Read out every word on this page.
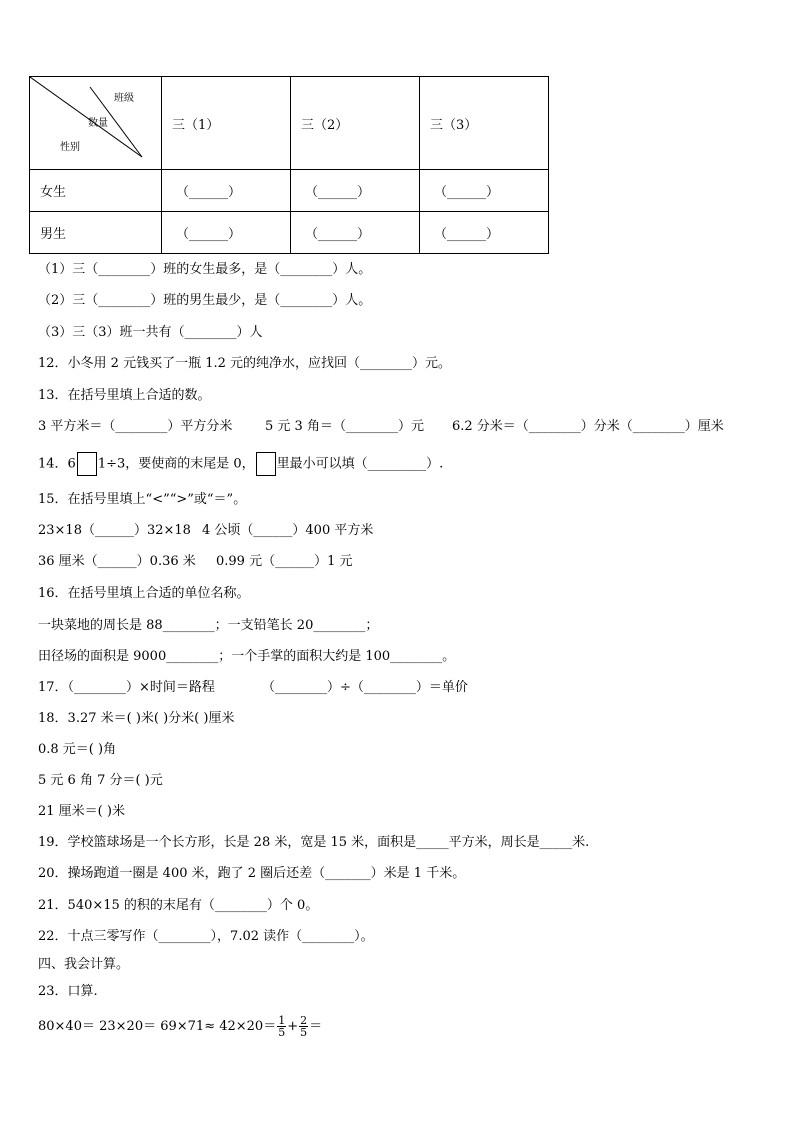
班级
数量
性别	三（1）	三（2）	三（3）
女生	（______）	（______）	（______）
男生	（______）	（______）	（______）
（1）三（________）班的女生最多，是（________）人。
（2）三（________）班的男生最少，是（________）人。
（3）三（3）班一共有（________）人
12．小冬用 2 元钱买了一瓶 1.2 元的纯净水，应找回（________）元。
13．在括号里填上合适的数。
3 平方米＝（________）平方分米	5 元 3 角＝（________）元 6.2 分米＝（________）分米（________）厘米
14．6 1÷3，要使商的末尾是 0， 里最小可以填（_________）.
15．在括号里填上“<”“>”或“＝”。
23×18（______）32×18 4 公顷（______）400 平方米
36 厘米（______）0.36 米 0.99 元（______）1 元
16．在括号里填上合适的单位名称。
一块菜地的周长是 88________；一支铅笔长 20________；
田径场的面积是 9000________；一个手掌的面积大约是 100________。
17．（________）×时间＝路程	（________）÷（________）＝单价
18．3.27 米＝( )米( )分米( )厘米
0.8 元＝( )角
5 元 6 角 7 分＝( )元
21 厘米＝( )米
19．学校篮球场是一个长方形，长是 28 米，宽是 15 米，面积是_____平方米，周长是_____米.
20．操场跑道一圈是 400 米，跑了 2 圈后还差（_______）米是 1 千米。
21．540×15 的积的末尾有（________）个 0。
22．十点三零写作（________），7.02 读作（________）。
四、我会计算。
23．口算.
$80\times 40= 23\times 20= 69\times 71\approx 42\times 20= \frac{1}{5} + \frac{2}{5}$ ＝
